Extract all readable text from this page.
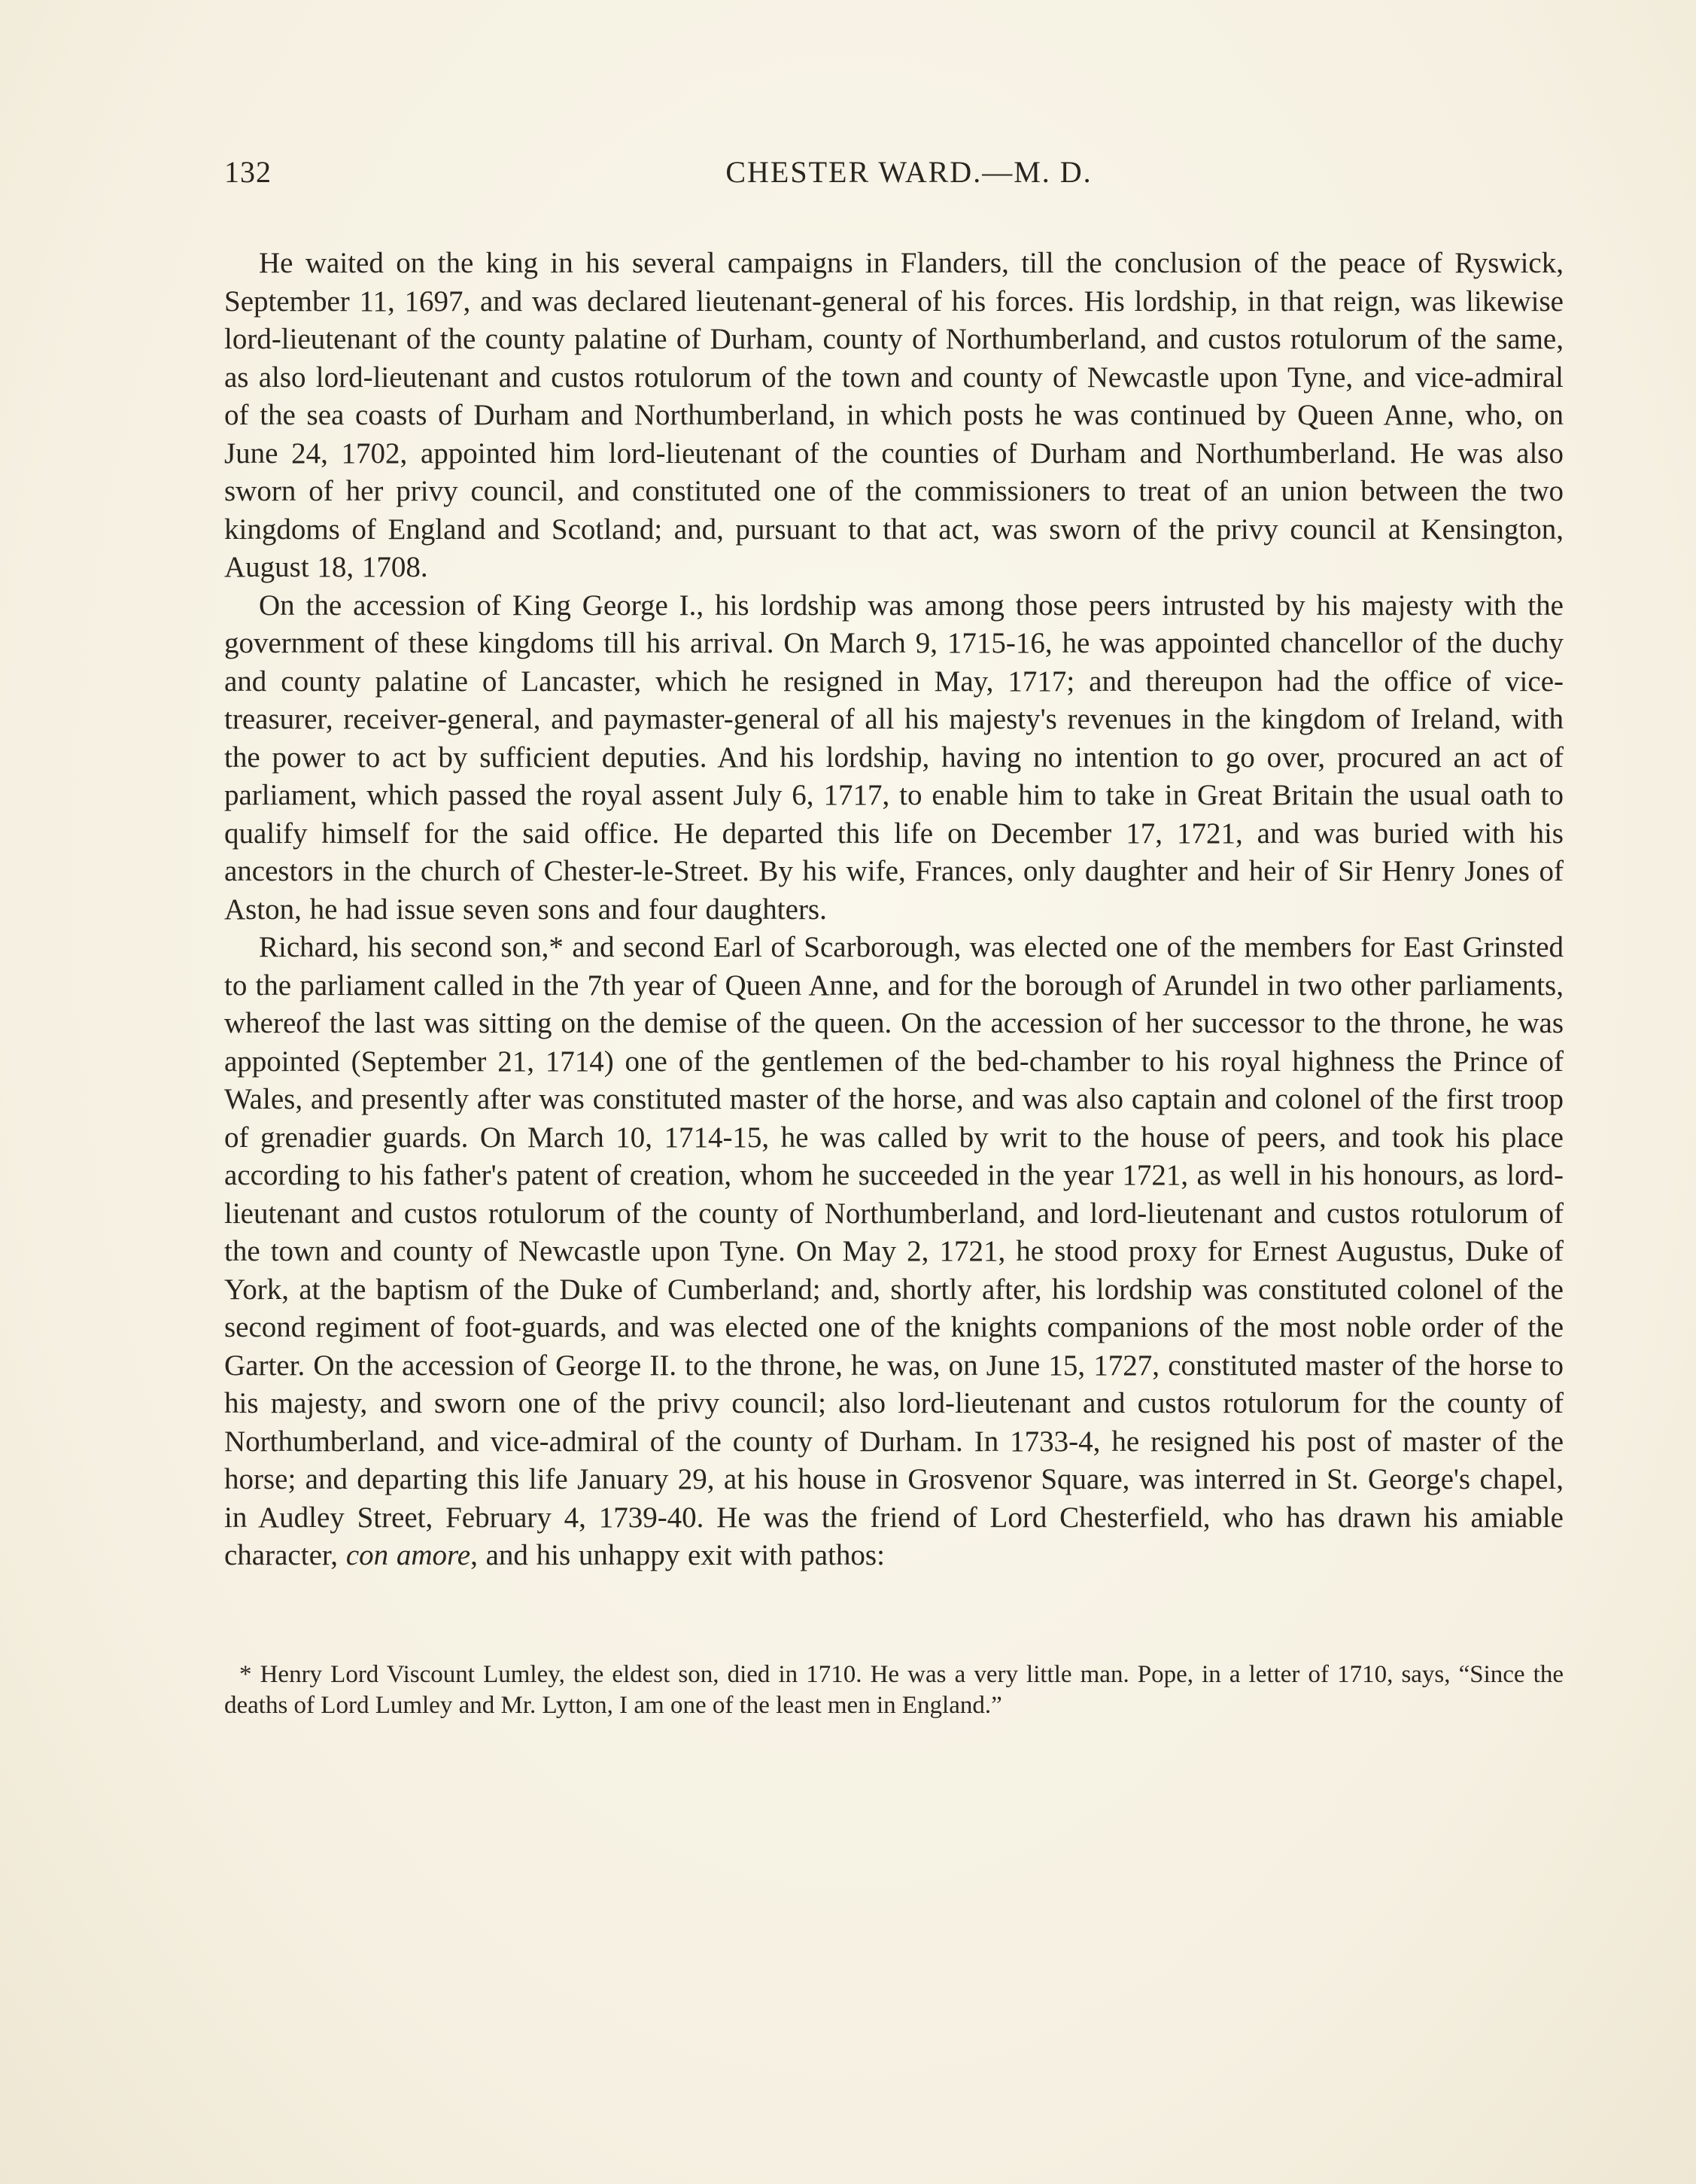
132	CHESTER WARD.—M. D.

He waited on the king in his several campaigns in Flanders, till the conclusion of the peace of Ryswick, September 11, 1697, and was declared lieutenant-general of his forces. His lordship, in that reign, was likewise lord-lieutenant of the county palatine of Durham, county of Northumberland, and custos rotulorum of the same, as also lord-lieutenant and custos rotulorum of the town and county of Newcastle upon Tyne, and vice-admiral of the sea coasts of Durham and Northumberland, in which posts he was continued by Queen Anne, who, on June 24, 1702, appointed him lord-lieutenant of the counties of Durham and Northumberland. He was also sworn of her privy council, and constituted one of the commissioners to treat of an union between the two kingdoms of England and Scotland; and, pursuant to that act, was sworn of the privy council at Kensington, August 18, 1708.

On the accession of King George I., his lordship was among those peers intrusted by his majesty with the government of these kingdoms till his arrival. On March 9, 1715-16, he was appointed chancellor of the duchy and county palatine of Lancaster, which he resigned in May, 1717; and thereupon had the office of vice-treasurer, receiver-general, and paymaster-general of all his majesty's revenues in the kingdom of Ireland, with the power to act by sufficient deputies. And his lordship, having no intention to go over, procured an act of parliament, which passed the royal assent July 6, 1717, to enable him to take in Great Britain the usual oath to qualify himself for the said office. He departed this life on December 17, 1721, and was buried with his ancestors in the church of Chester-le-Street. By his wife, Frances, only daughter and heir of Sir Henry Jones of Aston, he had issue seven sons and four daughters.

Richard, his second son,* and second Earl of Scarborough, was elected one of the members for East Grinsted to the parliament called in the 7th year of Queen Anne, and for the borough of Arundel in two other parliaments, whereof the last was sitting on the demise of the queen. On the accession of her successor to the throne, he was appointed (September 21, 1714) one of the gentlemen of the bed-chamber to his royal highness the Prince of Wales, and presently after was constituted master of the horse, and was also captain and colonel of the first troop of grenadier guards. On March 10, 1714-15, he was called by writ to the house of peers, and took his place according to his father's patent of creation, whom he succeeded in the year 1721, as well in his honours, as lord-lieutenant and custos rotulorum of the county of Northumberland, and lord-lieutenant and custos rotulorum of the town and county of Newcastle upon Tyne. On May 2, 1721, he stood proxy for Ernest Augustus, Duke of York, at the baptism of the Duke of Cumberland; and, shortly after, his lordship was constituted colonel of the second regiment of foot-guards, and was elected one of the knights companions of the most noble order of the Garter. On the accession of George II. to the throne, he was, on June 15, 1727, constituted master of the horse to his majesty, and sworn one of the privy council; also lord-lieutenant and custos rotulorum for the county of Northumberland, and vice-admiral of the county of Durham. In 1733-4, he resigned his post of master of the horse; and departing this life January 29, at his house in Grosvenor Square, was interred in St. George's chapel, in Audley Street, February 4, 1739-40. He was the friend of Lord Chesterfield, who has drawn his amiable character, con amore, and his unhappy exit with pathos:

* Henry Lord Viscount Lumley, the eldest son, died in 1710. He was a very little man. Pope, in a letter of 1710, says, “Since the deaths of Lord Lumley and Mr. Lytton, I am one of the least men in England.”
